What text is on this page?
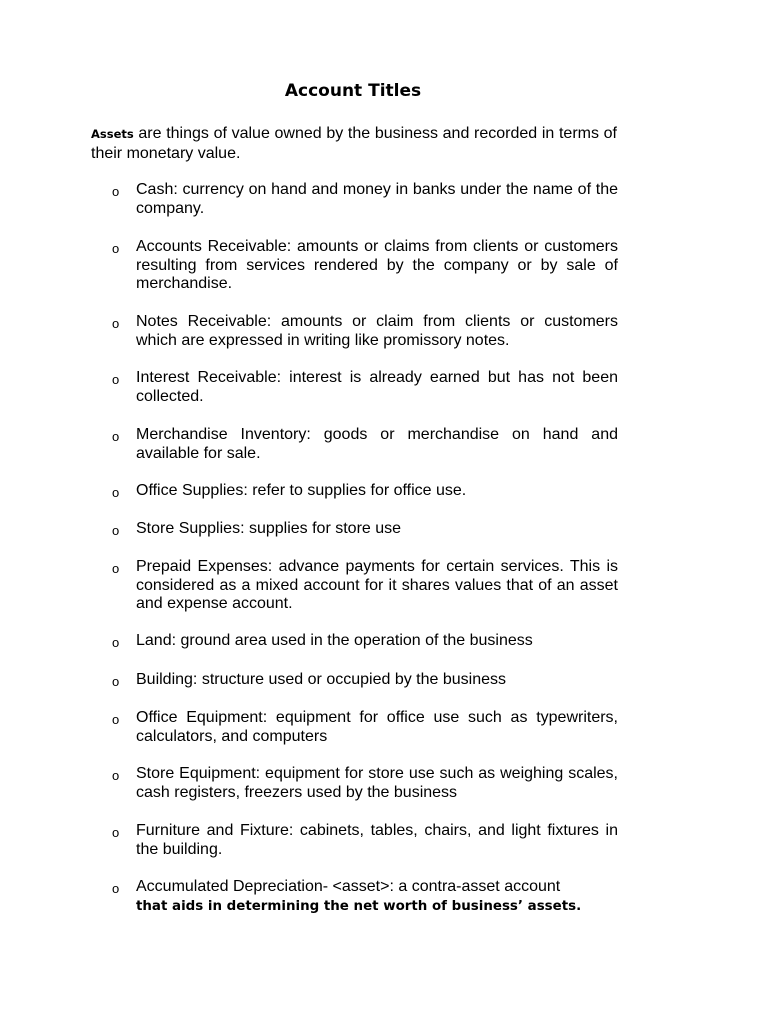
Account Titles

Assets are things of value owned by the business and recorded in terms of their monetary value.

o	Cash: currency on hand and money in banks under the name of the company.
o	Accounts Receivable: amounts or claims from clients or customers resulting from services rendered by the company or by sale of merchandise.
o	Notes Receivable: amounts or claim from clients or customers which are expressed in writing like promissory notes.
o	Interest Receivable: interest is already earned but has not been collected.
o	Merchandise Inventory: goods or merchandise on hand and available for sale.
o	Office Supplies: refer to supplies for office use.
o	Store Supplies: supplies for store use
o	Prepaid Expenses: advance payments for certain services. This is considered as a mixed account for it shares values that of an asset and expense account.
o	Land: ground area used in the operation of the business
o	Building: structure used or occupied by the business
o	Office Equipment: equipment for office use such as typewriters, calculators, and computers
o	Store Equipment: equipment for store use such as weighing scales, cash registers, freezers used by the business
o	Furniture and Fixture: cabinets, tables, chairs, and light fixtures in the building.
o	Accumulated Depreciation- <asset>: a contra-asset account
that aids in determining the net worth of business’ assets.
